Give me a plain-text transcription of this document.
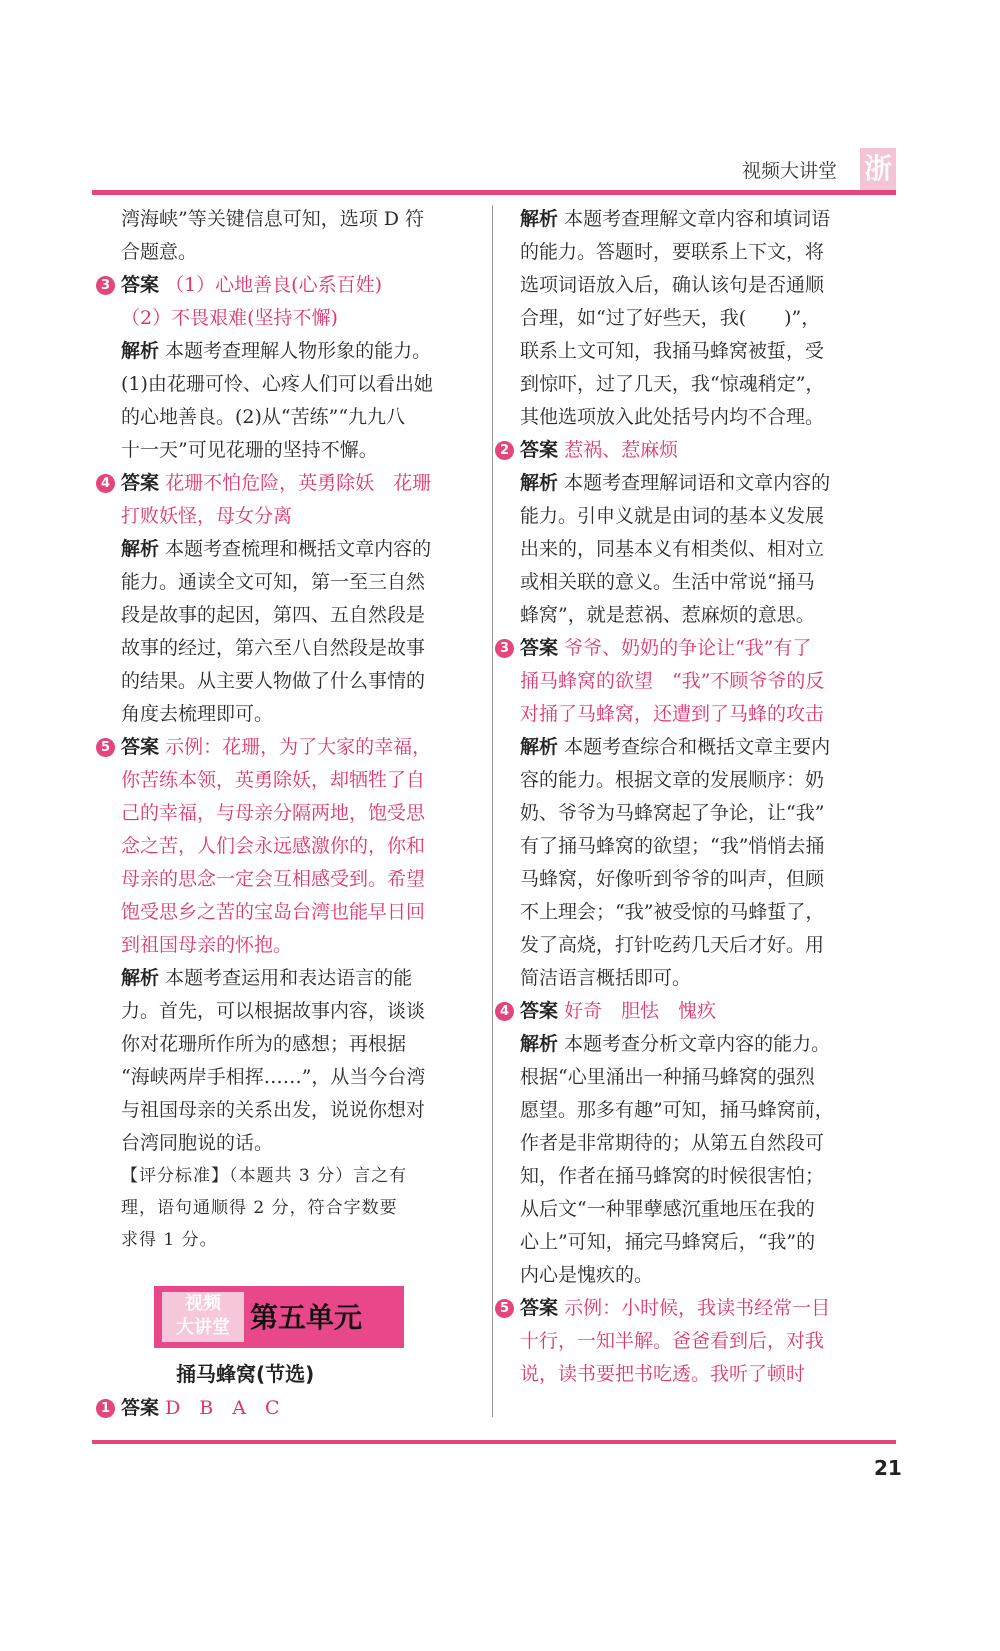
视频大讲堂 浙

湾海峡”等关键信息可知，选项 D 符

合题意。

3 答案 （1）心地善良(心系百姓)

（2）不畏艰难(坚持不懈)

解析 本题考查理解人物形象的能力。

(1)由花珊可怜、心疼人们可以看出她

的心地善良。(2)从“苦练”“九九八

十一天”可见花珊的坚持不懈。

4 答案 花珊不怕危险，英勇除妖　花珊

打败妖怪，母女分离

解析 本题考查梳理和概括文章内容的

能力。通读全文可知，第一至三自然

段是故事的起因，第四、五自然段是

故事的经过，第六至八自然段是故事

的结果。从主要人物做了什么事情的

角度去梳理即可。

5 答案 示例：花珊，为了大家的幸福，

你苦练本领，英勇除妖，却牺牲了自

己的幸福，与母亲分隔两地，饱受思

念之苦，人们会永远感激你的，你和

母亲的思念一定会互相感受到。希望

饱受思乡之苦的宝岛台湾也能早日回

到祖国母亲的怀抱。

解析 本题考查运用和表达语言的能

力。首先，可以根据故事内容，谈谈

你对花珊所作所为的感想；再根据

“海峡两岸手相挥……”，从当今台湾

与祖国母亲的关系出发，说说你想对

台湾同胞说的话。

【评分标准】（本题共 3 分）言之有

理，语句通顺得 2 分，符合字数要

求得 1 分。

视频
大讲堂 第五单元
捅马蜂窝(节选)
1 答案 D　B　A　C

解析 本题考查理解文章内容和填词语

的能力。答题时，要联系上下文，将

选项词语放入后，确认该句是否通顺

合理，如“过了好些天，我(　　)”，

联系上文可知，我捅马蜂窝被蜇，受

到惊吓，过了几天，我“惊魂稍定”，

其他选项放入此处括号内均不合理。

2 答案 惹祸、惹麻烦

解析 本题考查理解词语和文章内容的

能力。引申义就是由词的基本义发展

出来的，同基本义有相类似、相对立

或相关联的意义。生活中常说“捅马

蜂窝”，就是惹祸、惹麻烦的意思。

3 答案 爷爷、奶奶的争论让“我”有了

捅马蜂窝的欲望　“我”不顾爷爷的反

对捅了马蜂窝，还遭到了马蜂的攻击

解析 本题考查综合和概括文章主要内

容的能力。根据文章的发展顺序：奶

奶、爷爷为马蜂窝起了争论，让“我”

有了捅马蜂窝的欲望；“我”悄悄去捅

马蜂窝，好像听到爷爷的叫声，但顾

不上理会；“我”被受惊的马蜂蜇了，

发了高烧，打针吃药几天后才好。用

简洁语言概括即可。

4 答案 好奇　胆怯　愧疚

解析 本题考查分析文章内容的能力。

根据“心里涌出一种捅马蜂窝的强烈

愿望。那多有趣”可知，捅马蜂窝前，

作者是非常期待的；从第五自然段可

知，作者在捅马蜂窝的时候很害怕；

从后文“一种罪孽感沉重地压在我的

心上”可知，捅完马蜂窝后，“我”的

内心是愧疚的。

5 答案 示例：小时候，我读书经常一目

十行，一知半解。爸爸看到后，对我

说，读书要把书吃透。我听了顿时

21
